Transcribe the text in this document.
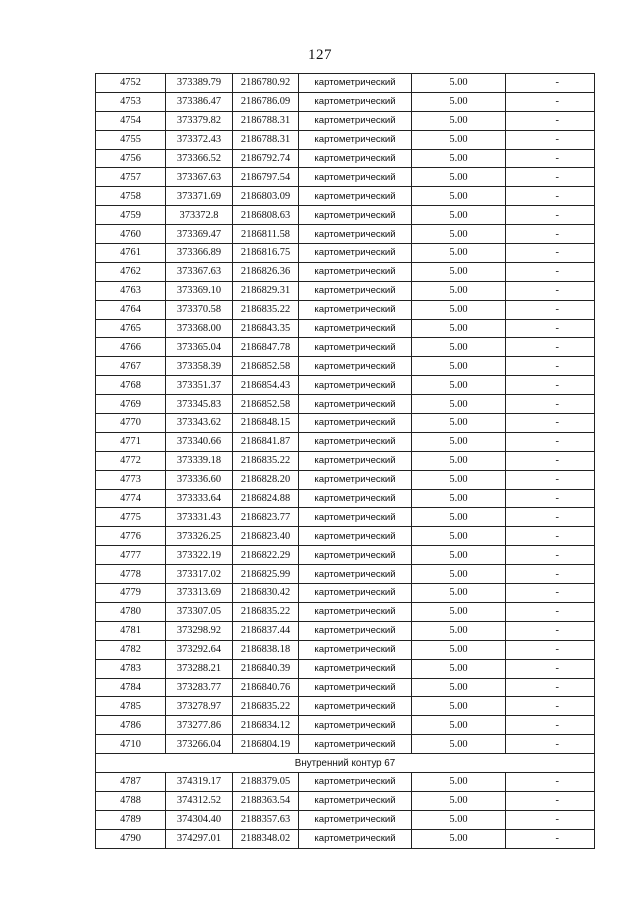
127
4752	373389.79	2186780.92	картометрический	5.00	-
4753	373386.47	2186786.09	картометрический	5.00	-
4754	373379.82	2186788.31	картометрический	5.00	-
4755	373372.43	2186788.31	картометрический	5.00	-
4756	373366.52	2186792.74	картометрический	5.00	-
4757	373367.63	2186797.54	картометрический	5.00	-
4758	373371.69	2186803.09	картометрический	5.00	-
4759	373372.8	2186808.63	картометрический	5.00	-
4760	373369.47	2186811.58	картометрический	5.00	-
4761	373366.89	2186816.75	картометрический	5.00	-
4762	373367.63	2186826.36	картометрический	5.00	-
4763	373369.10	2186829.31	картометрический	5.00	-
4764	373370.58	2186835.22	картометрический	5.00	-
4765	373368.00	2186843.35	картометрический	5.00	-
4766	373365.04	2186847.78	картометрический	5.00	-
4767	373358.39	2186852.58	картометрический	5.00	-
4768	373351.37	2186854.43	картометрический	5.00	-
4769	373345.83	2186852.58	картометрический	5.00	-
4770	373343.62	2186848.15	картометрический	5.00	-
4771	373340.66	2186841.87	картометрический	5.00	-
4772	373339.18	2186835.22	картометрический	5.00	-
4773	373336.60	2186828.20	картометрический	5.00	-
4774	373333.64	2186824.88	картометрический	5.00	-
4775	373331.43	2186823.77	картометрический	5.00	-
4776	373326.25	2186823.40	картометрический	5.00	-
4777	373322.19	2186822.29	картометрический	5.00	-
4778	373317.02	2186825.99	картометрический	5.00	-
4779	373313.69	2186830.42	картометрический	5.00	-
4780	373307.05	2186835.22	картометрический	5.00	-
4781	373298.92	2186837.44	картометрический	5.00	-
4782	373292.64	2186838.18	картометрический	5.00	-
4783	373288.21	2186840.39	картометрический	5.00	-
4784	373283.77	2186840.76	картометрический	5.00	-
4785	373278.97	2186835.22	картометрический	5.00	-
4786	373277.86	2186834.12	картометрический	5.00	-
4710	373266.04	2186804.19	картометрический	5.00	-
Внутренний контур 67					
4787	374319.17	2188379.05	картометрический	5.00	-
4788	374312.52	2188363.54	картометрический	5.00	-
4789	374304.40	2188357.63	картометрический	5.00	-
4790	374297.01	2188348.02	картометрический	5.00	-
